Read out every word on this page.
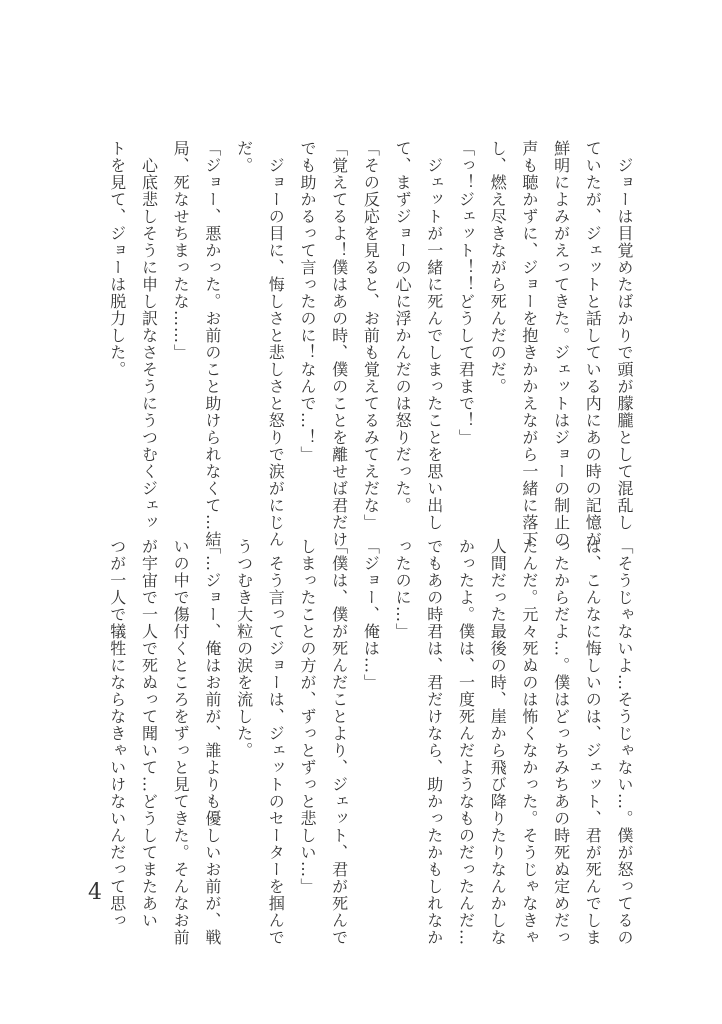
　ジョーは目覚めたばかりで頭が朦朧として混乱し
ていたが、ジェットと話している内にあの時の記憶が
鮮明によみがえってきた。ジェットはジョーの制止の
声も聴かずに、ジョーを抱きかかえながら一緒に落下
し、燃え尽きながら死んだのだ。
「っ！ジェット！！どうして君まで！」
　ジェットが一緒に死んでしまったことを思い出し
て、まずジョーの心に浮かんだのは怒りだった。
「その反応を見ると、お前も覚えてるみてえだな」
「覚えてるよ！僕はあの時、僕のことを離せば君だけ
でも助かるって言ったのに！なんで…！」
　ジョーの目に、悔しさと悲しさと怒りで涙がにじん
だ。
「ジョー、悪かった。お前のこと助けられなくて…結
局、死なせちまったな……」
　心底悲しそうに申し訳なさそうにうつむくジェッ
トを見て、ジョーは脱力した。
「そうじゃないよ…そうじゃない…。僕が怒ってるの
は、こんなに悔しいのは、ジェット、君が死んでしま
ったからだよ…。僕はどっちみちあの時死ぬ定めだっ
たんだ。元々死ぬのは怖くなかった。そうじゃなきゃ
人間だった最後の時、崖から飛び降りたりなんかしな
かったよ。僕は、一度死んだようなものだったんだ…
でもあの時君は、君だけなら、助かったかもしれなか
ったのに…」
「ジョー、俺は…」
「僕は、僕が死んだことより、ジェット、君が死んで
しまったことの方が、ずっとずっと悲しい…」
　そう言ってジョーは、ジェットのセーターを掴んで
うつむき大粒の涙を流した。
「…ジョー、俺はお前が、誰よりも優しいお前が、戦
いの中で傷付くところをずっと見てきた。そんなお前
が宇宙で一人で死ぬって聞いて…どうしてまたあい
つが一人で犠牲にならなきゃいけないんだって思っ
4
